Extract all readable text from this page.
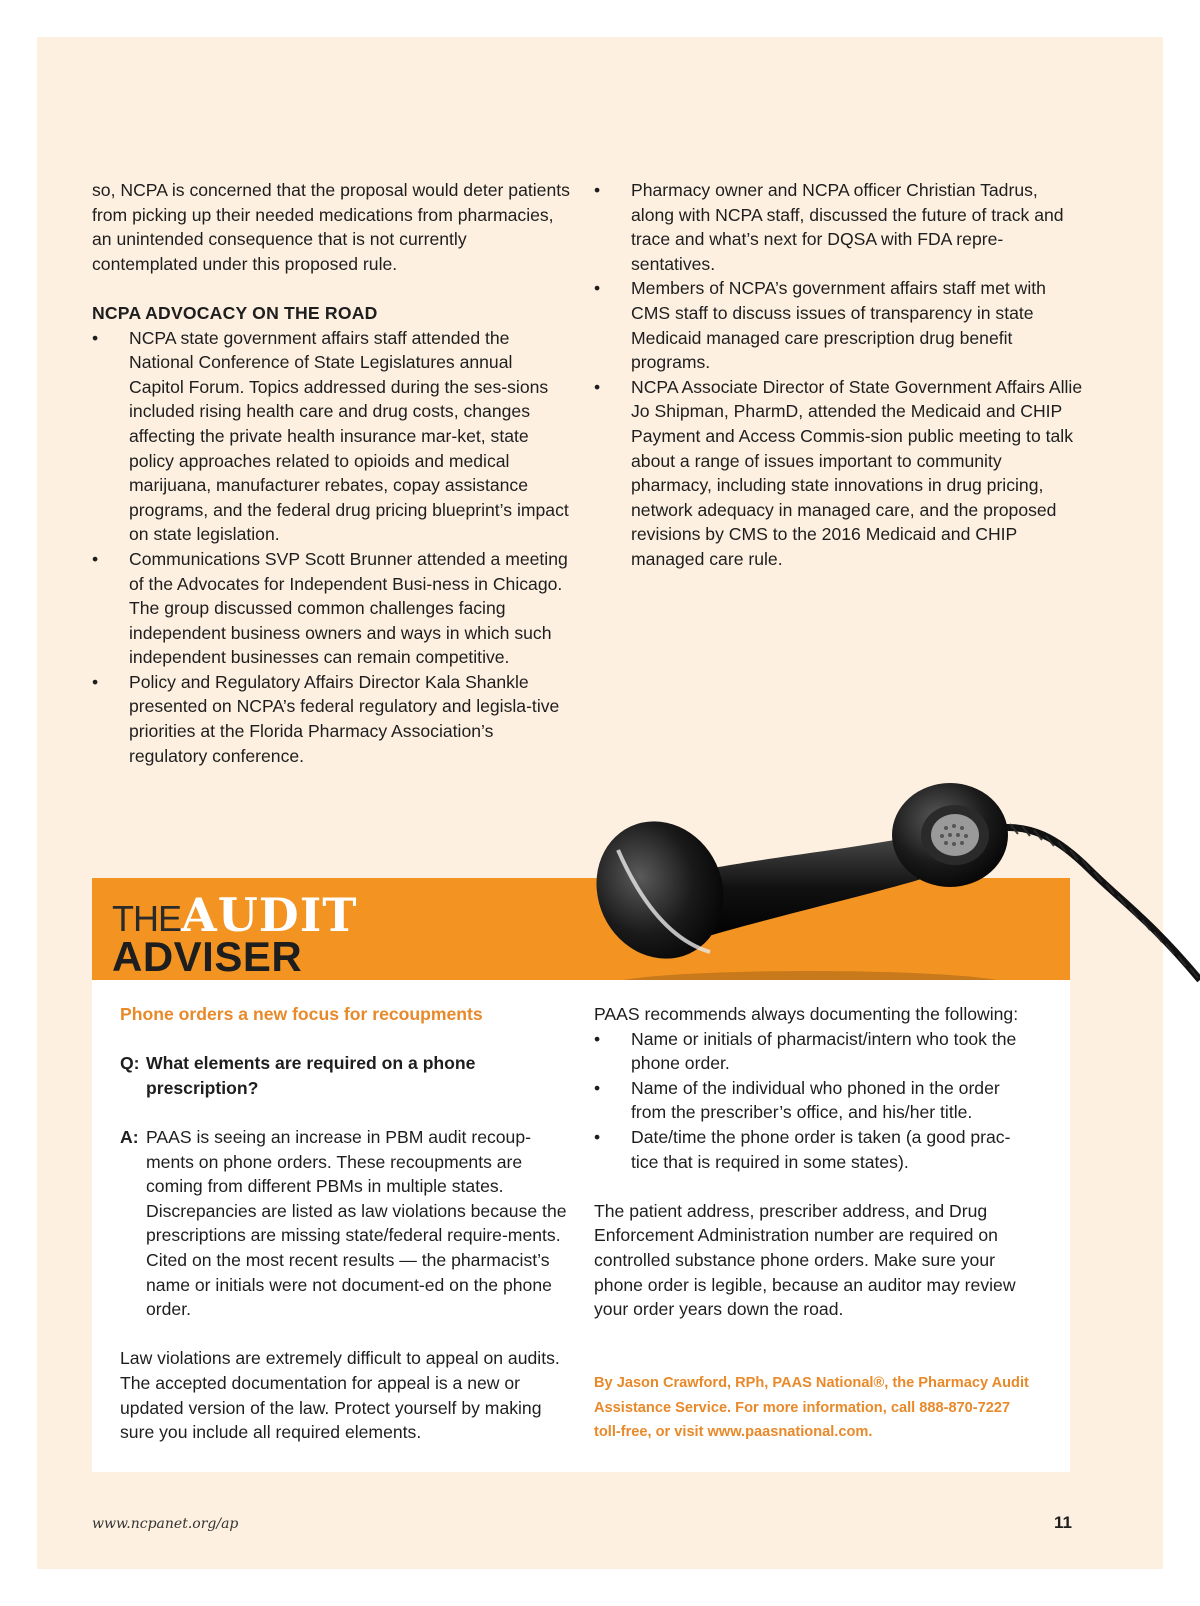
so, NCPA is concerned that the proposal would deter patients from picking up their needed medications from pharmacies, an unintended consequence that is not currently contemplated under this proposed rule.

NCPA ADVOCACY ON THE ROAD

•	NCPA state government affairs staff attended the National Conference of State Legislatures annual Capitol Forum. Topics addressed during the ses-sions included rising health care and drug costs, changes affecting the private health insurance mar-ket, state policy approaches related to opioids and medical marijuana, manufacturer rebates, copay assistance programs, and the federal drug pricing blueprint’s impact on state legislation.
•	Communications SVP Scott Brunner attended a meeting of the Advocates for Independent Busi-ness in Chicago. The group discussed common challenges facing independent business owners and ways in which such independent businesses can remain competitive.
•	Policy and Regulatory Affairs Director Kala Shankle presented on NCPA’s federal regulatory and legisla-tive priorities at the Florida Pharmacy Association’s regulatory conference.
•	Pharmacy owner and NCPA officer Christian Tadrus, along with NCPA staff, discussed the future of track and trace and what’s next for DQSA with FDA repre-sentatives.
•	Members of NCPA’s government affairs staff met with CMS staff to discuss issues of transparency in state Medicaid managed care prescription drug benefit programs.
•	NCPA Associate Director of State Government Affairs Allie Jo Shipman, PharmD, attended the Medicaid and CHIP Payment and Access Commis-sion public meeting to talk about a range of issues important to community pharmacy, including state innovations in drug pricing, network adequacy in managed care, and the proposed revisions by CMS to the 2016 Medicaid and CHIP managed care rule.
THEAUDIT
ADVISER

Phone orders a new focus for recoupments

Q: What elements are required on a phone prescription?
A: PAAS is seeing an increase in PBM audit recoup-ments on phone orders. These recoupments are coming from different PBMs in multiple states. Discrepancies are listed as law violations because the prescriptions are missing state/federal require-ments. Cited on the most recent results — the pharmacist’s name or initials were not document-ed on the phone order.

Law violations are extremely difficult to appeal on audits. The accepted documentation for appeal is a new or updated version of the law. Protect yourself by making sure you include all required elements.

PAAS recommends always documenting the following:

•	Name or initials of pharmacist/intern who took the phone order.
•	Name of the individual who phoned in the order from the prescriber’s office, and his/her title.
•	Date/time the phone order is taken (a good prac-tice that is required in some states).

The patient address, prescriber address, and Drug Enforcement Administration number are required on controlled substance phone orders. Make sure your phone order is legible, because an auditor may review your order years down the road.

By Jason Crawford, RPh, PAAS National®, the Pharmacy Audit Assistance Service. For more information, call 888-870-7227 toll-free, or visit www.paasnational.com.

www.ncpanet.org/ap	11
